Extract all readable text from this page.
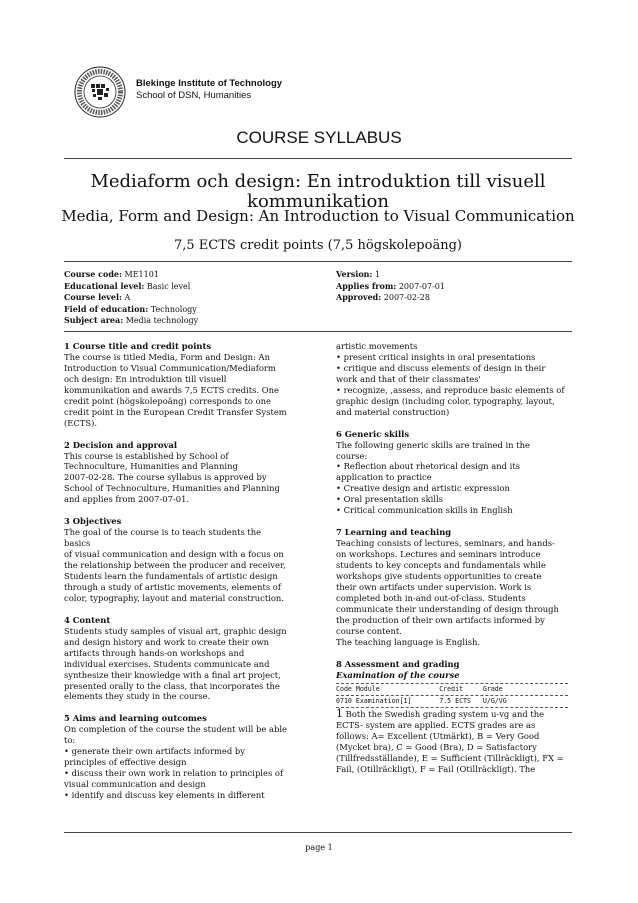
Blekinge Institute of Technology
School of DSN, Humanities
COURSE SYLLABUS
Mediaform och design: En introduktion till visuell kommunikation
Media, Form and Design: An Introduction to Visual Communication
7,5 ECTS credit points (7,5 högskolepoäng)
Course code: ME1101
Educational level: Basic level
Course level: A
Field of education: Technology
Subject area: Media technology
Version: 1
Applies from: 2007-07-01
Approved: 2007-02-28
1 Course title and credit points

The course is titled Media, Form and Design: An

Introduction to Visual Communication/Mediaform

och design: En introduktion till visuell

kommunikation and awards 7,5 ECTS credits. One

credit point (högskolepoäng) corresponds to one

credit point in the European Credit Transfer System

(ECTS).

2 Decision and approval

This course is established by School of

Technoculture, Humanities and Planning

2007-02-28. The course syllabus is approved by

School of Technoculture, Humanities and Planning

and applies from 2007-07-01.

3 Objectives

The goal of the course is to teach students the basics

of visual communication and design with a focus on

the relationship between the producer and receiver,

Students learn the fundamentals of artistic design

through a study of artistic movements, elements of

color, typography, layout and material construction.

4 Content

Students study samples of visual art, graphic design

and design history and work to create their own

artifacts through hands-on workshops and

individual exercises. Students communicate and

synthesize their knowledge with a final art project,

presented orally to the class, that incorporates the

elements they study in the course.

5 Aims and learning outcomes

On completion of the course the student will be able

to:

• generate their own artifacts informed by

principles of effective design

• discuss their own work in relation to principles of

visual communication and design

• identify and discuss key elements in different

artistic movements

• present critical insights in oral presentations

• critique and discuss elements of design in their

work and that of their classmates'

• recognize, ,assess, and reproduce basic elements of

graphic design (including color, typography, layout,

and material construction)

6 Generic skills

The following generic skills are trained in the

course:

• Reflection about rhetorical design and its

application to practice

• Creative design and artistic expression

• Oral presentation skills

• Critical communication skills in English

7 Learning and teaching

Teaching consists of lectures, seminars, and hands-

on workshops. Lectures and seminars introduce

students to key concepts and fundamentals while

workshops give students opportunities to create

their own artifacts under supervision. Work is

completed both in-and out-of-class. Students

communicate their understanding of design through

the production of their own artifacts informed by

course content.

The teaching language is English.

8 Assessment and grading

Examination of the course

Code Module               Credit     Grade
0710 Examination[1]       7.5 ECTS   U/G/VG

1 Both the Swedish grading system u-vg and the

ECTS- system are applied. ECTS grades are as

follows: A= Excellent (Utmärkt), B = Very Good

(Mycket bra), C = Good (Bra), D = Satisfactory

(Tillfredsställande), E = Sufficient (Tillräckligt), FX =

Fail, (Otillräckligt), F = Fail (Otillräckligt). The

page 1
